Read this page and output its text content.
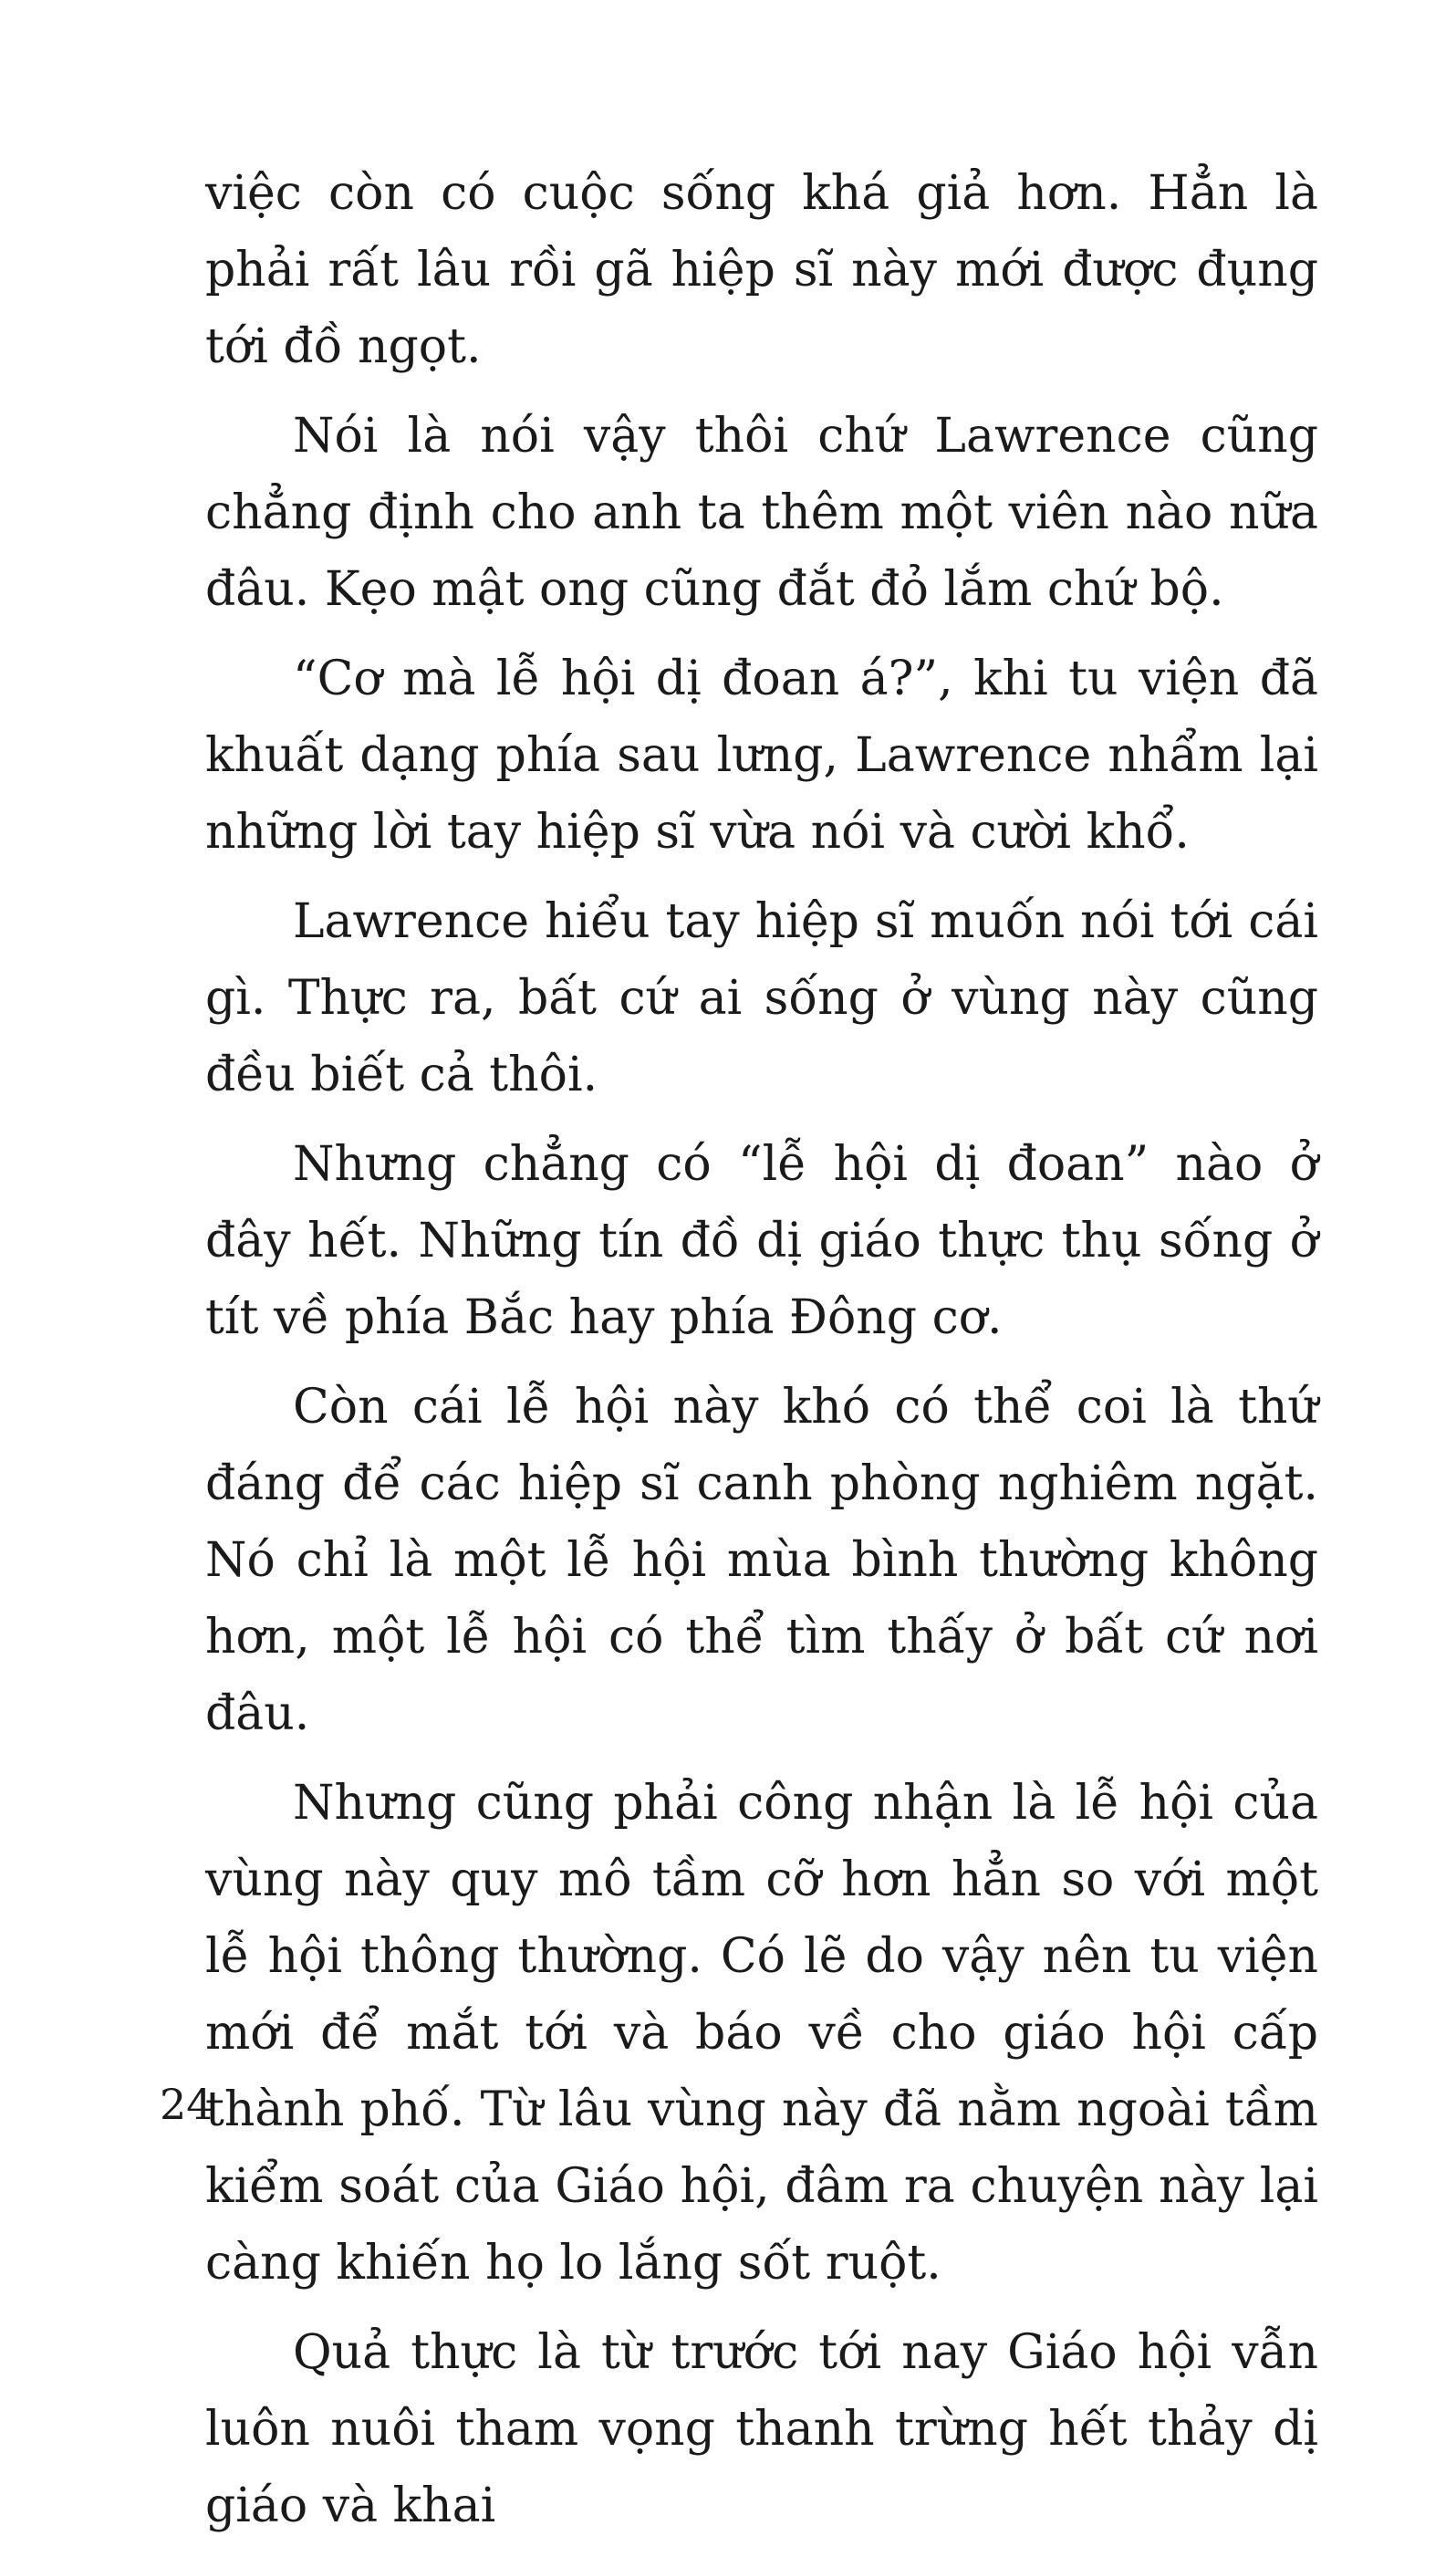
việc còn có cuộc sống khá giả hơn. Hẳn là phải rất lâu rồi gã hiệp sĩ này mới được đụng tới đồ ngọt.

Nói là nói vậy thôi chứ Lawrence cũng chẳng định cho anh ta thêm một viên nào nữa đâu. Kẹo mật ong cũng đắt đỏ lắm chứ bộ.

“Cơ mà lễ hội dị đoan á?”, khi tu viện đã khuất dạng phía sau lưng, Lawrence nhẩm lại những lời tay hiệp sĩ vừa nói và cười khổ.

Lawrence hiểu tay hiệp sĩ muốn nói tới cái gì. Thực ra, bất cứ ai sống ở vùng này cũng đều biết cả thôi.

Nhưng chẳng có “lễ hội dị đoan” nào ở đây hết. Những tín đồ dị giáo thực thụ sống ở tít về phía Bắc hay phía Đông cơ.

Còn cái lễ hội này khó có thể coi là thứ đáng để các hiệp sĩ canh phòng nghiêm ngặt. Nó chỉ là một lễ hội mùa bình thường không hơn, một lễ hội có thể tìm thấy ở bất cứ nơi đâu.

Nhưng cũng phải công nhận là lễ hội của vùng này quy mô tầm cỡ hơn hẳn so với một lễ hội thông thường. Có lẽ do vậy nên tu viện mới để mắt tới và báo về cho giáo hội cấp thành phố. Từ lâu vùng này đã nằm ngoài tầm kiểm soát của Giáo hội, đâm ra chuyện này lại càng khiến họ lo lắng sốt ruột.

Quả thực là từ trước tới nay Giáo hội vẫn luôn nuôi tham vọng thanh trừng hết thảy dị giáo và khai

24
